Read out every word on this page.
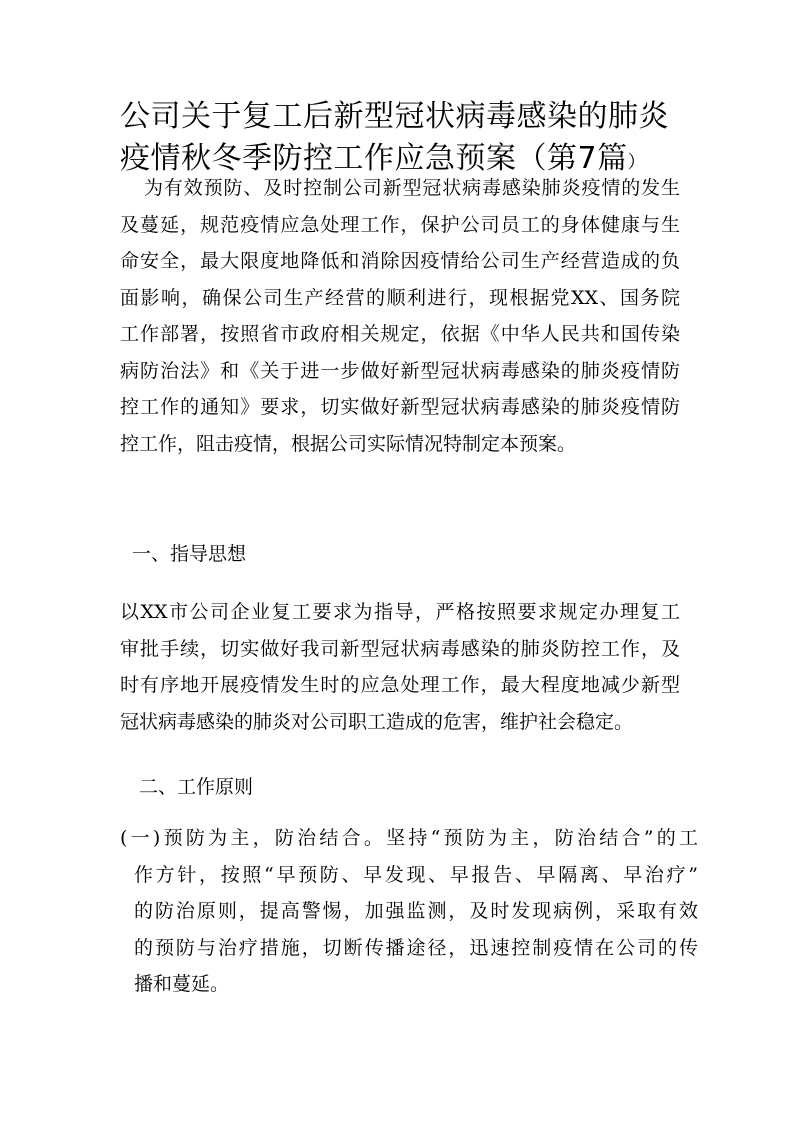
公司关于复工后新型冠状病毒感染的肺炎
疫情秋冬季防控工作应急预案（第7篇）
为有效预防、及时控制公司新型冠状病毒感染肺炎疫情的发生
及蔓延，规范疫情应急处理工作，保护公司员工的身体健康与生
命安全，最大限度地降低和消除因疫情给公司生产经营造成的负
面影响，确保公司生产经营的顺利进行，现根据党XX、国务院
工作部署，按照省市政府相关规定，依据《中华人民共和国传染
病防治法》和《关于进一步做好新型冠状病毒感染的肺炎疫情防
控工作的通知》要求，切实做好新型冠状病毒感染的肺炎疫情防
控工作，阻击疫情，根据公司实际情况特制定本预案。
一、指导思想
以XX市公司企业复工要求为指导，严格按照要求规定办理复工
审批手续，切实做好我司新型冠状病毒感染的肺炎防控工作，及
时有序地开展疫情发生时的应急处理工作，最大程度地减少新型
冠状病毒感染的肺炎对公司职工造成的危害，维护社会稳定。
二、工作原则
(一)预防为主，防治结合。坚持“预防为主，防治结合”的工
作方针，按照“早预防、早发现、早报告、早隔离、早治疗”
的防治原则，提高警惕，加强监测，及时发现病例，采取有效
的预防与治疗措施，切断传播途径，迅速控制疫情在公司的传
播和蔓延。
